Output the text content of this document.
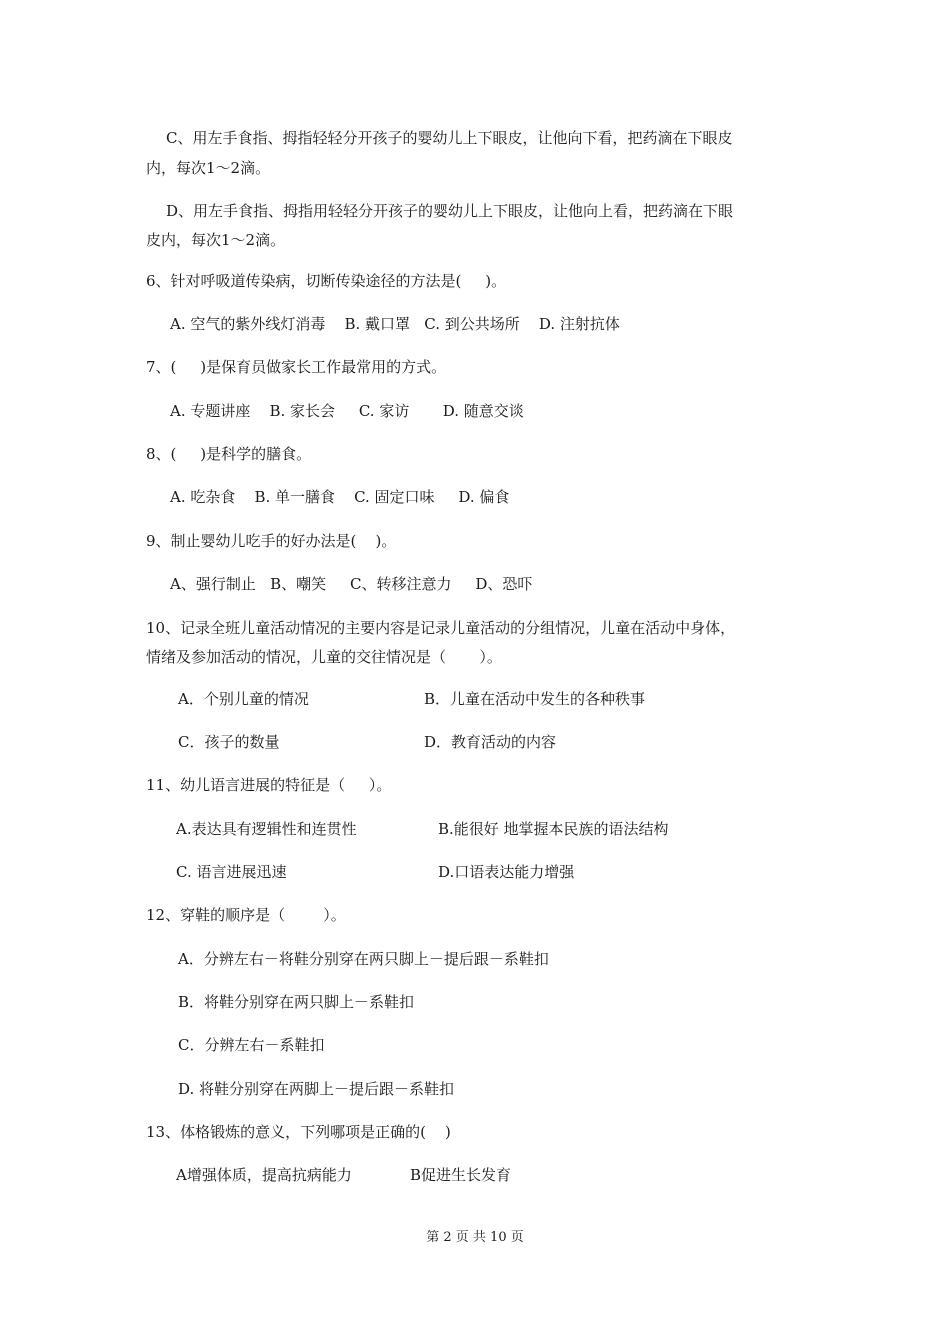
C、用左手食指、拇指轻轻分开孩子的婴幼儿上下眼皮，让他向下看，把药滴在下眼皮
内，每次1～2滴。
D、用左手食指、拇指用轻轻分开孩子的婴幼儿上下眼皮，让他向上看，把药滴在下眼
皮内，每次1～2滴。
6、针对呼吸道传染病，切断传染途径的方法是(     )。
A. 空气的紫外线灯消毒    B. 戴口罩   C. 到公共场所    D. 注射抗体
7、(     )是保育员做家长工作最常用的方式。
A. 专题讲座    B. 家长会     C. 家访       D. 随意交谈
8、(     )是科学的膳食。
A. 吃杂食    B. 单一膳食    C. 固定口味     D. 偏食
9、制止婴幼儿吃手的好办法是(    )。
A、强行制止   B、嘲笑     C、转移注意力     D、恐吓
10、记录全班儿童活动情况的主要内容是记录儿童活动的分组情况，儿童在活动中身体，
情绪及参加活动的情况，儿童的交往情况是（       ）。
A．个别儿童的情况	B．儿童在活动中发生的各种秩事
C．孩子的数量	D．教育活动的内容
11、幼儿语言进展的特征是（     ）。
A.表达具有逻辑性和连贯性	B.能很好 地掌握本民族的语法结构
C. 语言进展迅速	D.口语表达能力增强
12、穿鞋的顺序是（        ）。
A．分辨左右－将鞋分别穿在两只脚上－提后跟－系鞋扣
B．将鞋分别穿在两只脚上－系鞋扣
C．分辨左右－系鞋扣
D. 将鞋分别穿在两脚上－提后跟－系鞋扣
13、体格锻炼的意义，下列哪项是正确的(    )
A增强体质，提高抗病能力	B促进生长发育
第 2 页 共 10 页
